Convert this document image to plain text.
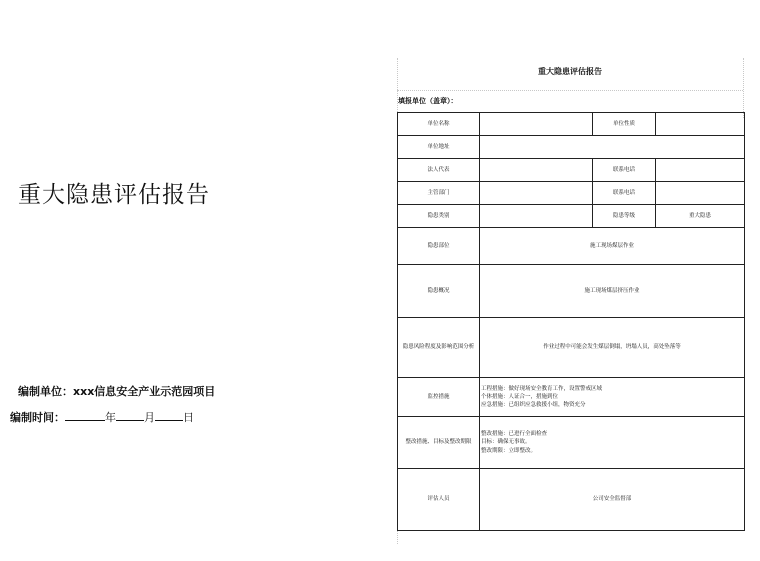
重大隐患评估报告
编制单位：xxx信息安全产业示范园项目
编制时间：	年	月	日
重大隐患评估报告
填报单位（盖章）：
单位名称		单位性质	
单位地址			
法人代表		联系电话	
主管部门		联系电话	
隐患类别		隐患等级	重大隐患
隐患部位	施工现场煤层作业		
隐患概况	施工现场煤层挤压作业		
隐患风险程度及影响范围分析	作业过程中可能会发生煤层倒塌，坍塌人员，高处坠落等		
监控措施	工程措施：做好现场安全教育工作，设置警戒区域
个体措施：人证合一，措施到位
应急措施：已组织应急救援小组，物资充分		

整改措施、目标及整改期限	整改措施：已进行全面检查
目标：确保无事故。
整改期限：立即整改。		

评估人员	公司安全监督部		
